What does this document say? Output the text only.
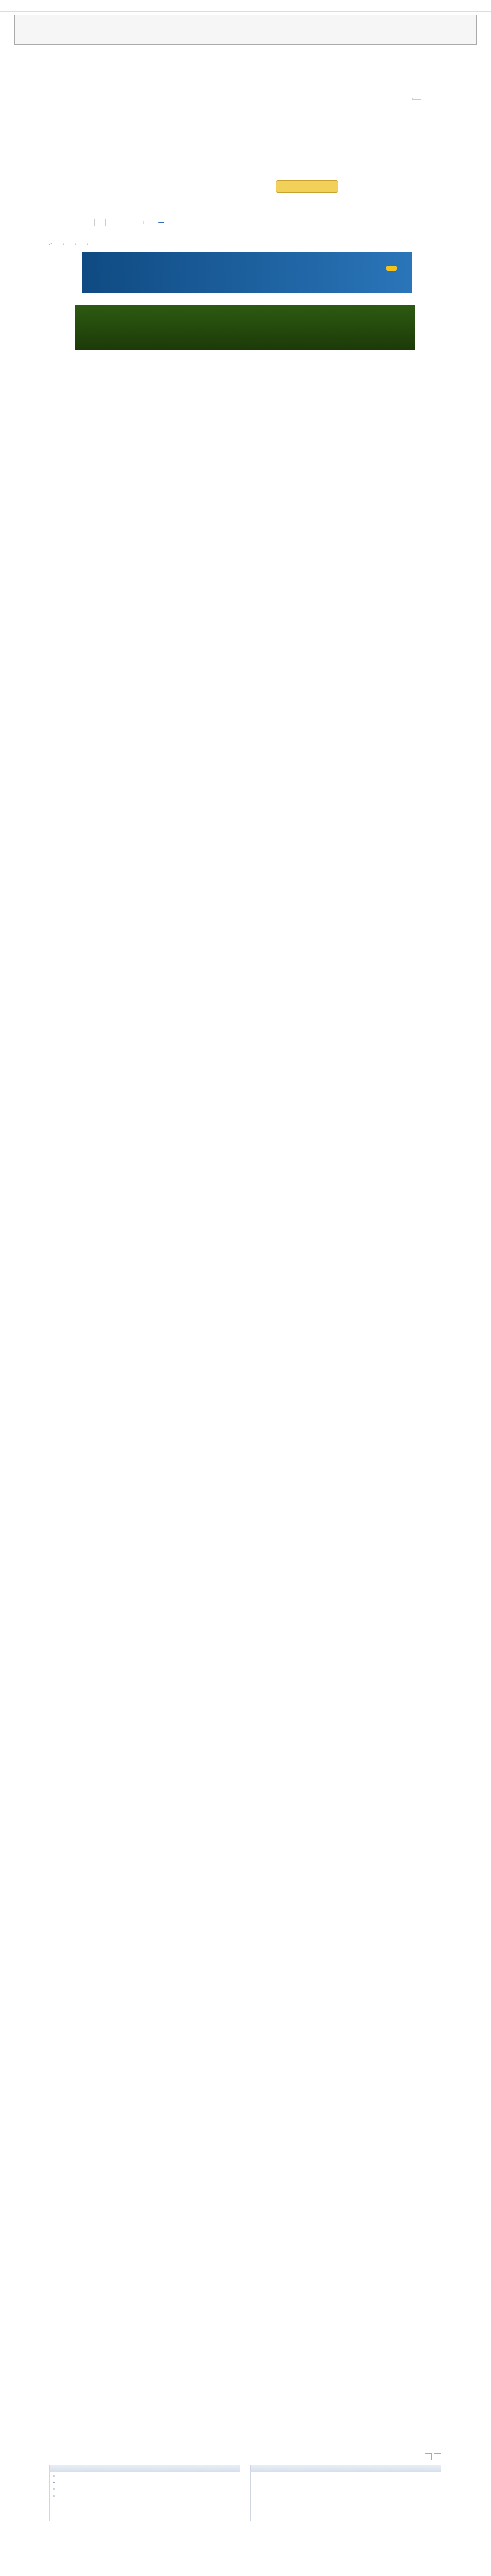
☐
⌂ › › ›
▪
▪
▪
▪
